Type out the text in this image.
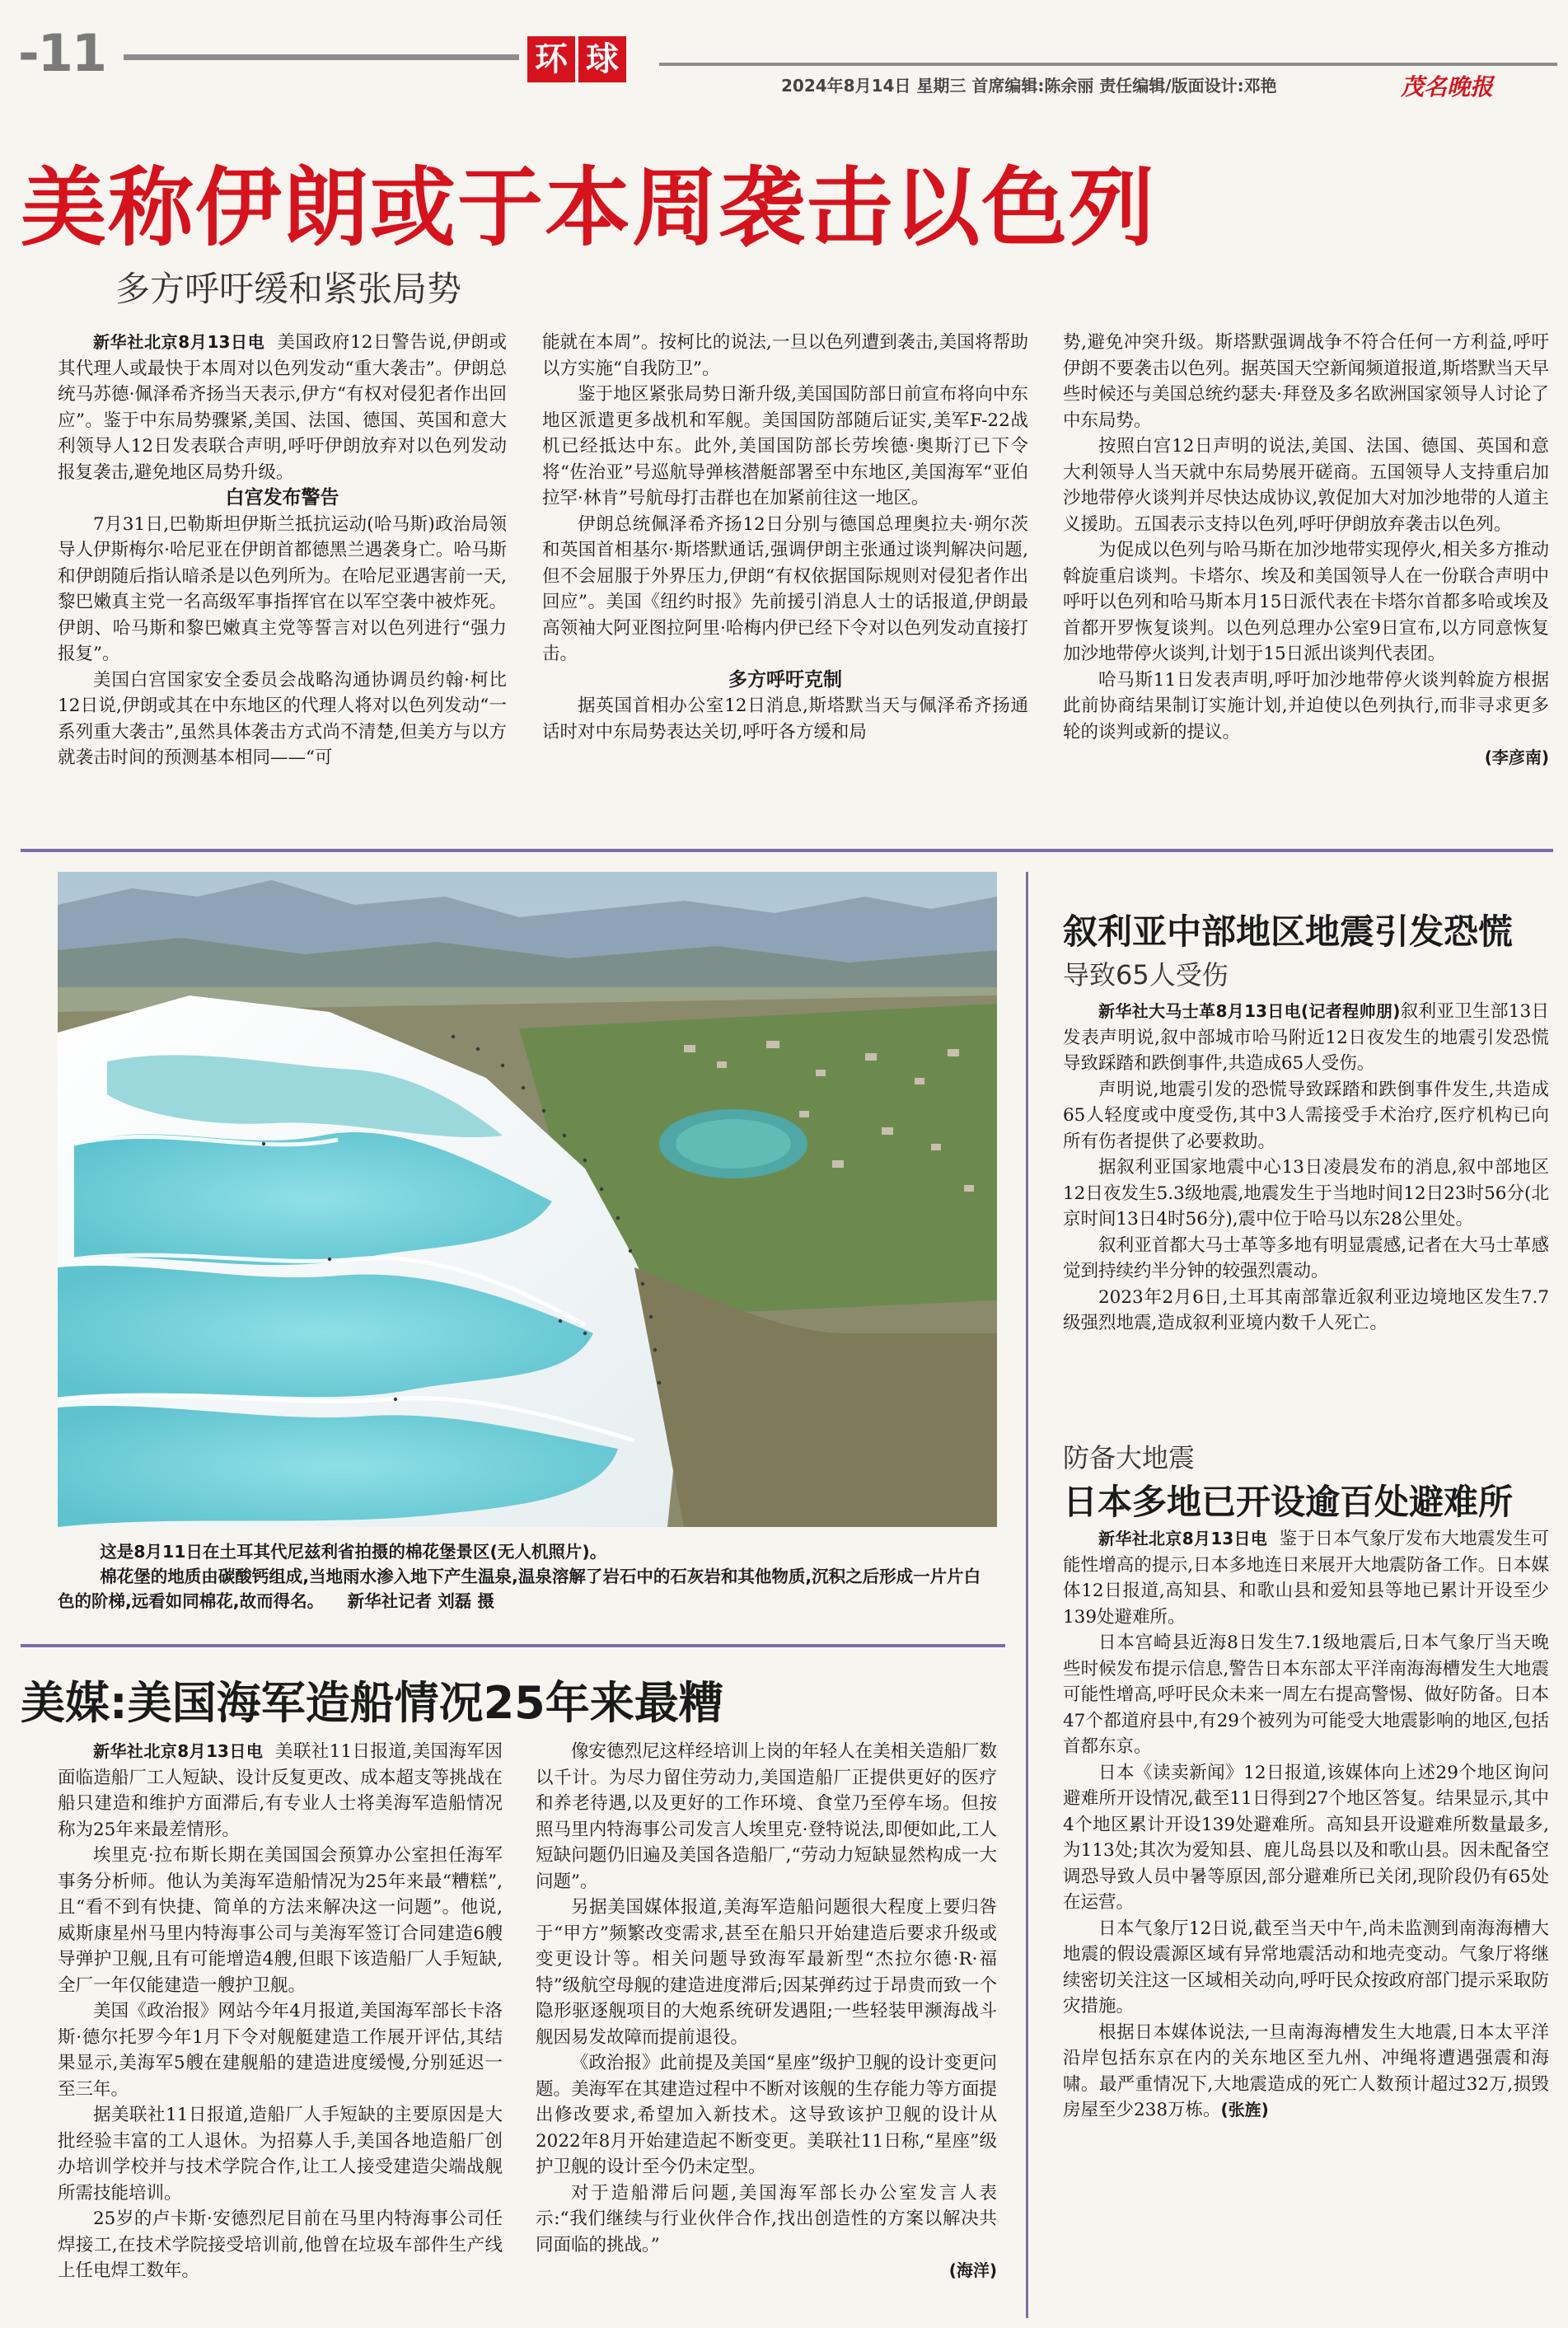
-11	环 球
2024年8月14日 星期三 首席编辑:陈余丽 责任编辑/版面设计:邓艳	茂名晚报
美称伊朗或于本周袭击以色列
多方呼吁缓和紧张局势

新华社北京8月13日电 美国政府12日警告说,伊朗或其代理人或最快于本周对以色列发动“重大袭击”。伊朗总统马苏德·佩泽希齐扬当天表示,伊方“有权对侵犯者作出回应”。鉴于中东局势骤紧,美国、法国、德国、英国和意大利领导人12日发表联合声明,呼吁伊朗放弃对以色列发动报复袭击,避免地区局势升级。

白宫发布警告

7月31日,巴勒斯坦伊斯兰抵抗运动(哈马斯)政治局领导人伊斯梅尔·哈尼亚在伊朗首都德黑兰遇袭身亡。哈马斯和伊朗随后指认暗杀是以色列所为。在哈尼亚遇害前一天,黎巴嫩真主党一名高级军事指挥官在以军空袭中被炸死。伊朗、哈马斯和黎巴嫩真主党等誓言对以色列进行“强力报复”。

美国白宫国家安全委员会战略沟通协调员约翰·柯比12日说,伊朗或其在中东地区的代理人将对以色列发动“一系列重大袭击”,虽然具体袭击方式尚不清楚,但美方与以方就袭击时间的预测基本相同——“可

能就在本周”。按柯比的说法,一旦以色列遭到袭击,美国将帮助以方实施“自我防卫”。

鉴于地区紧张局势日渐升级,美国国防部日前宣布将向中东地区派遣更多战机和军舰。美国国防部随后证实,美军F-22战机已经抵达中东。此外,美国国防部长劳埃德·奥斯汀已下令将“佐治亚”号巡航导弹核潜艇部署至中东地区,美国海军“亚伯拉罕·林肯”号航母打击群也在加紧前往这一地区。

伊朗总统佩泽希齐扬12日分别与德国总理奥拉夫·朔尔茨和英国首相基尔·斯塔默通话,强调伊朗主张通过谈判解决问题,但不会屈服于外界压力,伊朗“有权依据国际规则对侵犯者作出回应”。美国《纽约时报》先前援引消息人士的话报道,伊朗最高领袖大阿亚图拉阿里·哈梅内伊已经下令对以色列发动直接打击。

多方呼吁克制

据英国首相办公室12日消息,斯塔默当天与佩泽希齐扬通话时对中东局势表达关切,呼吁各方缓和局

势,避免冲突升级。斯塔默强调战争不符合任何一方利益,呼吁伊朗不要袭击以色列。据英国天空新闻频道报道,斯塔默当天早些时候还与美国总统约瑟夫·拜登及多名欧洲国家领导人讨论了中东局势。

按照白宫12日声明的说法,美国、法国、德国、英国和意大利领导人当天就中东局势展开磋商。五国领导人支持重启加沙地带停火谈判并尽快达成协议,敦促加大对加沙地带的人道主义援助。五国表示支持以色列,呼吁伊朗放弃袭击以色列。

为促成以色列与哈马斯在加沙地带实现停火,相关多方推动斡旋重启谈判。卡塔尔、埃及和美国领导人在一份联合声明中呼吁以色列和哈马斯本月15日派代表在卡塔尔首都多哈或埃及首都开罗恢复谈判。以色列总理办公室9日宣布,以方同意恢复加沙地带停火谈判,计划于15日派出谈判代表团。

哈马斯11日发表声明,呼吁加沙地带停火谈判斡旋方根据此前协商结果制订实施计划,并迫使以色列执行,而非寻求更多轮的谈判或新的提议。

(李彦南)

这是8月11日在土耳其代尼兹利省拍摄的棉花堡景区(无人机照片)。

棉花堡的地质由碳酸钙组成,当地雨水渗入地下产生温泉,温泉溶解了岩石中的石灰岩和其他物质,沉积之后形成一片片白色的阶梯,远看如同棉花,故而得名。 新华社记者 刘磊 摄

美媒:美国海军造船情况25年来最糟

新华社北京8月13日电 美联社11日报道,美国海军因面临造船厂工人短缺、设计反复更改、成本超支等挑战在船只建造和维护方面滞后,有专业人士将美海军造船情况称为25年来最差情形。

埃里克·拉布斯长期在美国国会预算办公室担任海军事务分析师。他认为美海军造船情况为25年来最“糟糕”,且“看不到有快捷、简单的方法来解决这一问题”。他说,威斯康星州马里内特海事公司与美海军签订合同建造6艘导弹护卫舰,且有可能增造4艘,但眼下该造船厂人手短缺,全厂一年仅能建造一艘护卫舰。

美国《政治报》网站今年4月报道,美国海军部长卡洛斯·德尔托罗今年1月下令对舰艇建造工作展开评估,其结果显示,美海军5艘在建舰船的建造进度缓慢,分别延迟一至三年。

据美联社11日报道,造船厂人手短缺的主要原因是大批经验丰富的工人退休。为招募人手,美国各地造船厂创办培训学校并与技术学院合作,让工人接受建造尖端战舰所需技能培训。

25岁的卢卡斯·安德烈尼目前在马里内特海事公司任焊接工,在技术学院接受培训前,他曾在垃圾车部件生产线上任电焊工数年。

像安德烈尼这样经培训上岗的年轻人在美相关造船厂数以千计。为尽力留住劳动力,美国造船厂正提供更好的医疗和养老待遇,以及更好的工作环境、食堂乃至停车场。但按照马里内特海事公司发言人埃里克·登特说法,即便如此,工人短缺问题仍旧遍及美国各造船厂,“劳动力短缺显然构成一大问题”。

另据美国媒体报道,美海军造船问题很大程度上要归咎于“甲方”频繁改变需求,甚至在船只开始建造后要求升级或变更设计等。相关问题导致海军最新型“杰拉尔德·R·福特”级航空母舰的建造进度滞后;因某弹药过于昂贵而致一个隐形驱逐舰项目的大炮系统研发遇阻;一些轻装甲濒海战斗舰因易发故障而提前退役。

《政治报》此前提及美国“星座”级护卫舰的设计变更问题。美海军在其建造过程中不断对该舰的生存能力等方面提出修改要求,希望加入新技术。这导致该护卫舰的设计从2022年8月开始建造起不断变更。美联社11日称,“星座”级护卫舰的设计至今仍未定型。

对于造船滞后问题,美国海军部长办公室发言人表示:“我们继续与行业伙伴合作,找出创造性的方案以解决共同面临的挑战。”

(海洋)

叙利亚中部地区地震引发恐慌
导致65人受伤

新华社大马士革8月13日电(记者程帅朋)叙利亚卫生部13日发表声明说,叙中部城市哈马附近12日夜发生的地震引发恐慌导致踩踏和跌倒事件,共造成65人受伤。

声明说,地震引发的恐慌导致踩踏和跌倒事件发生,共造成65人轻度或中度受伤,其中3人需接受手术治疗,医疗机构已向所有伤者提供了必要救助。

据叙利亚国家地震中心13日凌晨发布的消息,叙中部地区12日夜发生5.3级地震,地震发生于当地时间12日23时56分(北京时间13日4时56分),震中位于哈马以东28公里处。

叙利亚首都大马士革等多地有明显震感,记者在大马士革感觉到持续约半分钟的较强烈震动。

2023年2月6日,土耳其南部靠近叙利亚边境地区发生7.7级强烈地震,造成叙利亚境内数千人死亡。

防备大地震
日本多地已开设逾百处避难所

新华社北京8月13日电 鉴于日本气象厅发布大地震发生可能性增高的提示,日本多地连日来展开大地震防备工作。日本媒体12日报道,高知县、和歌山县和爱知县等地已累计开设至少139处避难所。

日本宫崎县近海8日发生7.1级地震后,日本气象厅当天晚些时候发布提示信息,警告日本东部太平洋南海海槽发生大地震可能性增高,呼吁民众未来一周左右提高警惕、做好防备。日本47个都道府县中,有29个被列为可能受大地震影响的地区,包括首都东京。

日本《读卖新闻》12日报道,该媒体向上述29个地区询问避难所开设情况,截至11日得到27个地区答复。结果显示,其中4个地区累计开设139处避难所。高知县开设避难所数量最多,为113处;其次为爱知县、鹿儿岛县以及和歌山县。因未配备空调恐导致人员中暑等原因,部分避难所已关闭,现阶段仍有65处在运营。

日本气象厅12日说,截至当天中午,尚未监测到南海海槽大地震的假设震源区域有异常地震活动和地壳变动。气象厅将继续密切关注这一区域相关动向,呼吁民众按政府部门提示采取防灾措施。

根据日本媒体说法,一旦南海海槽发生大地震,日本太平洋沿岸包括东京在内的关东地区至九州、冲绳将遭遇强震和海啸。最严重情况下,大地震造成的死亡人数预计超过32万,损毁房屋至少238万栋。(张旌)
